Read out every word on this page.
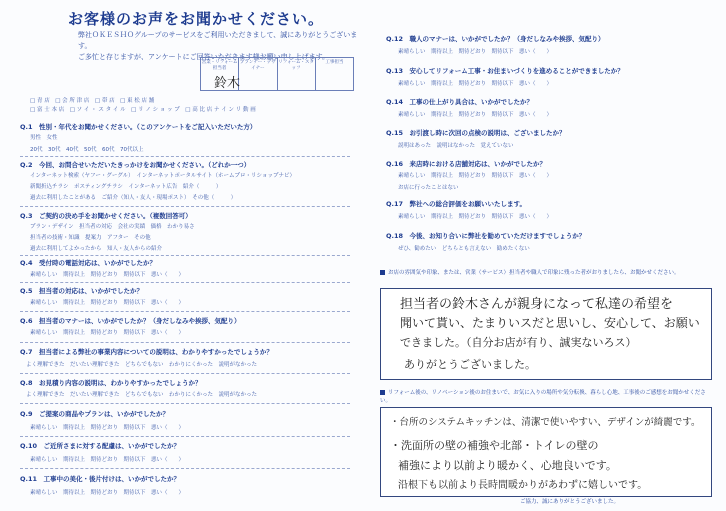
お客様のお声をお聞かせください。
弊社ＯＫＥＳＨＯグループのサービスをご利用いただきまして、誠にありがとうございます。
ご多忙と存じますが、アンケートにご回答いただきます様お願い申し上げます。
営業・リフォーム担当者
プランナー・デザイナー
リフォーム・スタッフ
工事担当
鈴木
□ 青 店　□ 会 所 津 店　□ 帯 店　□ 東 松 店 舗
□ 富 士 本 店　□ ソ イ ・ ス タ イ ル　□ リ ノ シ ョ ッ プ　□ 高 比 店 ナ イ ン リ 動 画
Q.1　性別・年代をお聞かせください。（このアンケートをご記入いただいた方）
男性　女性
20代　30代　40代　50代　60代　70代以上
Q.2　今回、お問合せいただいたきっかけをお聞かせください。（どれか一つ）
インターネット検索（ヤフー・グーグル）　インターネットポータルサイト（ホームプロ・リショップナビ）
新聞折込チラシ　ポスティングチラシ　インターネット広告　紹介（　　　）
過去に利用したことがある　ご紹介（知人・友人・現場ポスト）　その他（　　　）
Q.3　ご契約の決め手をお聞かせください。（複数回答可）
プラン・デザイン　担当者の対応　会社の実績　価格　わかり易さ
担当者の技術・知識　提案力　アフター　その他
過去に利用してよかったから　知人・友人からの紹介
Q.4　受付時の電話対応は、いかがでしたか？
素晴らしい　期待以上　期待どおり　期待以下　悪い（　　）
Q.5　担当者の対応は、いかがでしたか？
素晴らしい　期待以上　期待どおり　期待以下　悪い（　　）
Q.6　担当者のマナーは、いかがでしたか？（身だしなみや挨拶、気配り）
素晴らしい　期待以上　期待どおり　期待以下　悪い（　　）
Q.7　担当者による弊社の事業内容についての説明は、わかりやすかったでしょうか？
よく理解できた　だいたい理解できた　どちらでもない　わかりにくかった　説明がなかった
Q.8　お見積り内容の説明は、わかりやすかったでしょうか？
よく理解できた　だいたい理解できた　どちらでもない　わかりにくかった　説明がなかった
Q.9　ご提案の商品やプランは、いかがでしたか？
素晴らしい　期待以上　期待どおり　期待以下　悪い（　　）
Q.10　ご近所さまに対する配慮は、いかがでしたか？
素晴らしい　期待以上　期待どおり　期待以下　悪い（　　）
Q.11　工事中の美化・後片付けは、いかがでしたか？
素晴らしい　期待以上　期待どおり　期待以下　悪い（　　）
Q.12　職人のマナーは、いかがでしたか？（身だしなみや挨拶、気配り）
素晴らしい　期待以上　期待どおり　期待以下　悪い（　　）
Q.13　安心してリフォーム工事・お住まいづくりを進めることができましたか？
素晴らしい　期待以上　期待どおり　期待以下　悪い（　　）
Q.14　工事の仕上がり具合は、いかがでしたか？
素晴らしい　期待以上　期待どおり　期待以下　悪い（　　）
Q.15　お引渡し時に次回の点検の説明は、ございましたか？
説明はあった　説明はなかった　覚えていない
Q.16　来店時における店舗対応は、いかがでしたか？
素晴らしい　期待以上　期待どおり　期待以下　悪い（　　）
お店に行ったことはない
Q.17　弊社への総合評価をお願いいたします。
素晴らしい　期待以上　期待どおり　期待以下　悪い（　　）
Q.18　今後、お知り合いに弊社を勧めていただけますでしょうか？
ぜひ、勧めたい　どちらとも言えない　勧めたくない
お店の雰囲気や印象、または、営業（サービス）担当者や職人で印象に残った者がおりましたら、お聞かせください。
担当者の鈴木さんが親身になって私達の希望を
聞いて貰い、たまりいスだと思いし、安心して、お願い
できました。（自分お店が有り、誠実ないろス）
ありがとうございました。
リフォーム後の、リノベーション後のお住まいで、お気に入りの場所や気分転換、暮らし心地、工事後のご感想をお聞かせください。
・台所のシステムキッチンは、清潔で使いやすい、デザインが綺麗です。
・洗面所の壁の補強や北部・トイレの壁の
補強により以前より暖かく、心地良いです。
沿根下も以前より長時間暖かりがあわずに嬉しいです。
ご協力、誠にありがとうございました。
